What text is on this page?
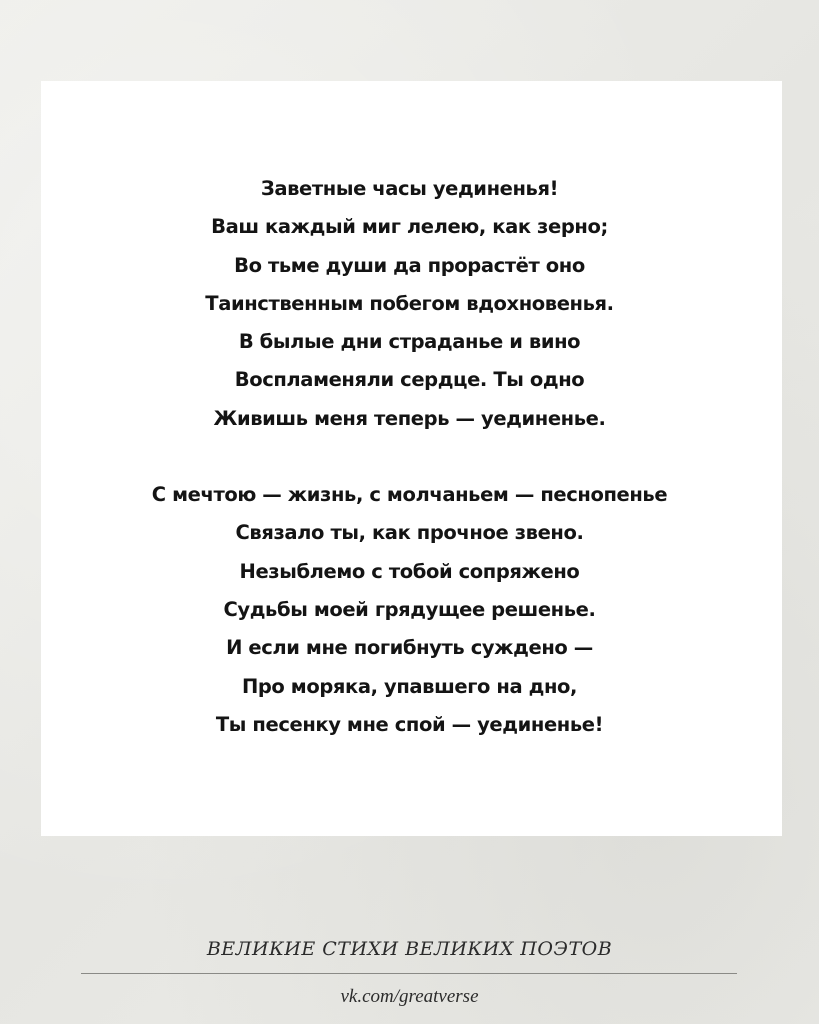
Заветные часы уединенья!
Ваш каждый миг лелею, как зерно;
Во тьме души да прорастёт оно
Таинственным побегом вдохновенья.
В былые дни страданье и вино
Воспламеняли сердце. Ты одно
Живишь меня теперь — уединенье.
С мечтою — жизнь, с молчаньем — песнопенье
Связало ты, как прочное звено.
Незыблемо с тобой сопряжено
Судьбы моей грядущее решенье.
И если мне погибнуть суждено —
Про моряка, упавшего на дно,
Ты песенку мне спой — уединенье!
ВЕЛИКИЕ СТИХИ ВЕЛИКИХ ПОЭТОВ
vk.com/greatverse
